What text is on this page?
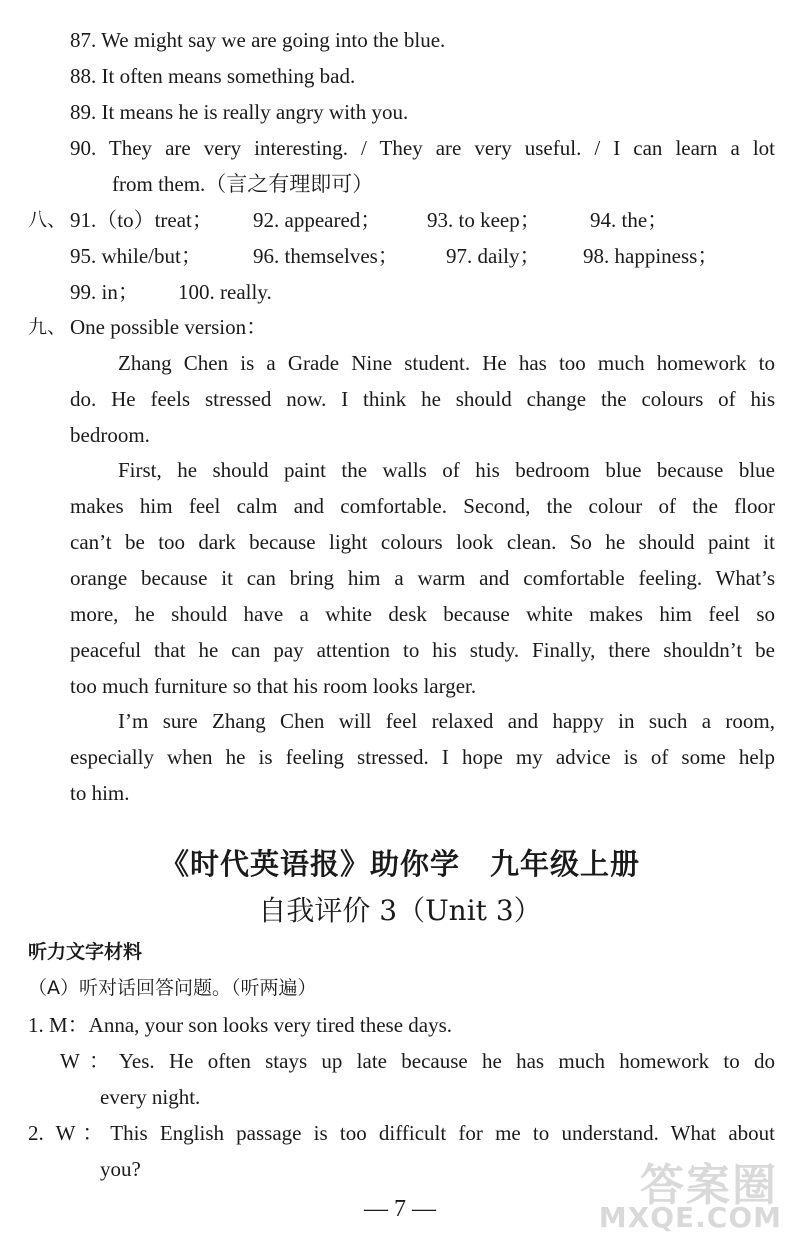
87. We might say we are going into the blue.
88. It often means something bad.
89. It means he is really angry with you.
90. They are very interesting. / They are very useful. / I can learn a lot
from them.（言之有理即可）
八、 91.（to）treat； 92. appeared； 93. to keep； 94. the；
95. while/but； 96. themselves； 97. daily； 98. happiness；
99. in； 100. really.
九、 One possible version：
Zhang Chen is a Grade Nine student. He has too much homework to
do. He feels stressed now. I think he should change the colours of his
bedroom.
First, he should paint the walls of his bedroom blue because blue
makes him feel calm and comfortable. Second, the colour of the floor
can’t be too dark because light colours look clean. So he should paint it
orange because it can bring him a warm and comfortable feeling. What’s
more, he should have a white desk because white makes him feel so
peaceful that he can pay attention to his study. Finally, there shouldn’t be
too much furniture so that his room looks larger.
I’m sure Zhang Chen will feel relaxed and happy in such a room,
especially when he is feeling stressed. I hope my advice is of some help
to him.
《时代英语报》助你学　九年级上册
自我评价 3（Unit 3）
听力文字材料
（A）听对话回答问题。（听两遍）
1. M：Anna, your son looks very tired these days.
W：Yes. He often stays up late because he has much homework to do
every night.
2. W：This English passage is too difficult for me to understand. What about
you?
— 7 —	答案圈
MXQE.COM
